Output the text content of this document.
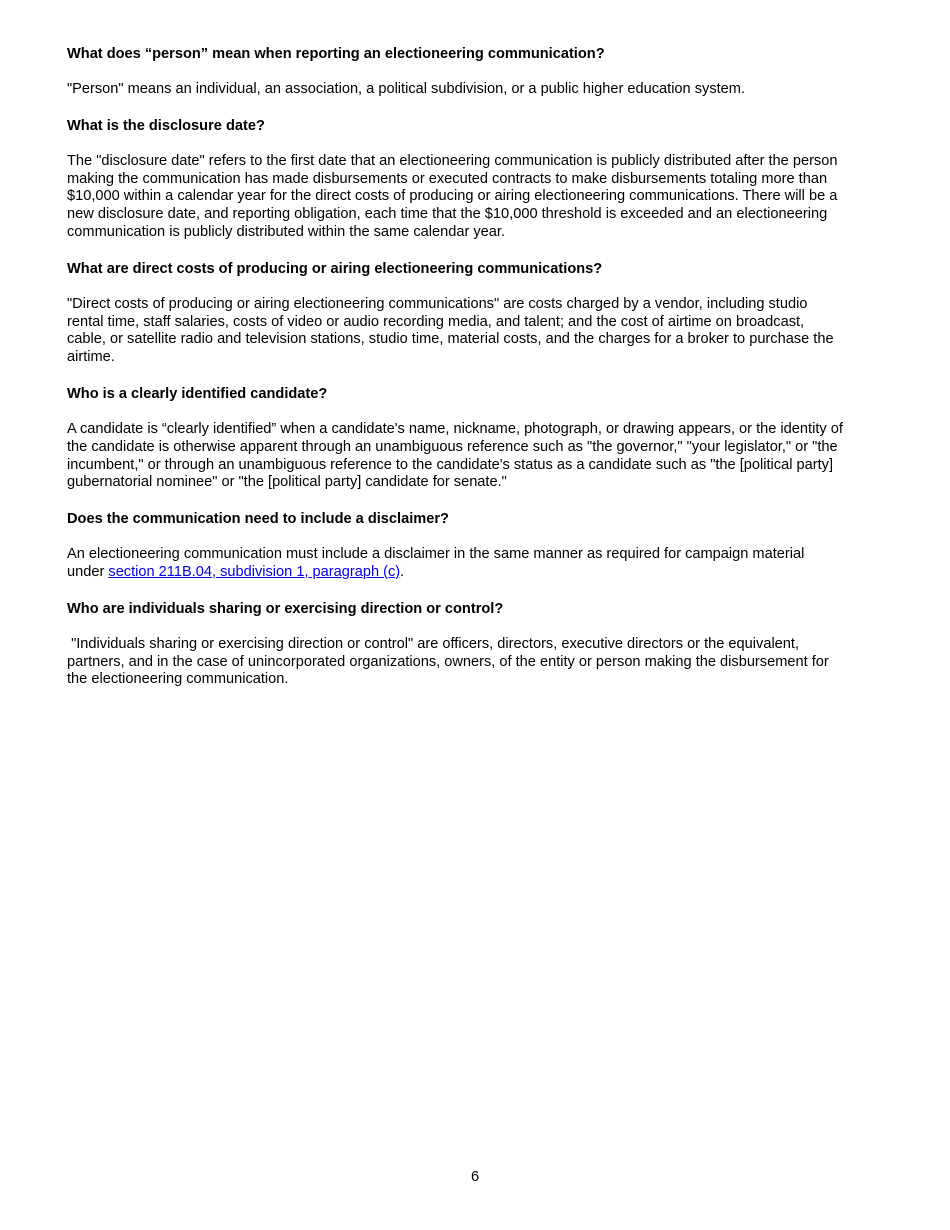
What does “person” mean when reporting an electioneering communication?

"Person" means an individual, an association, a political subdivision, or a public higher education system.

What is the disclosure date?

The "disclosure date" refers to the first date that an electioneering communication is publicly distributed after the person making the communication has made disbursements or executed contracts to make disbursements totaling more than $10,000 within a calendar year for the direct costs of producing or airing electioneering communications. There will be a new disclosure date, and reporting obligation, each time that the $10,000 threshold is exceeded and an electioneering communication is publicly distributed within the same calendar year.

What are direct costs of producing or airing electioneering communications?

"Direct costs of producing or airing electioneering communications" are costs charged by a vendor, including studio rental time, staff salaries, costs of video or audio recording media, and talent; and the cost of airtime on broadcast, cable, or satellite radio and television stations, studio time, material costs, and the charges for a broker to purchase the airtime.

Who is a clearly identified candidate?

A candidate is “clearly identified” when a candidate's name, nickname, photograph, or drawing appears, or the identity of the candidate is otherwise apparent through an unambiguous reference such as "the governor," "your legislator," or "the incumbent," or through an unambiguous reference to the candidate's status as a candidate such as "the [political party] gubernatorial nominee" or "the [political party] candidate for senate."

Does the communication need to include a disclaimer?

An electioneering communication must include a disclaimer in the same manner as required for campaign material under section 211B.04, subdivision 1, paragraph (c).

Who are individuals sharing or exercising direction or control?

"Individuals sharing or exercising direction or control" are officers, directors, executive directors or the equivalent, partners, and in the case of unincorporated organizations, owners, of the entity or person making the disbursement for the electioneering communication.

6
